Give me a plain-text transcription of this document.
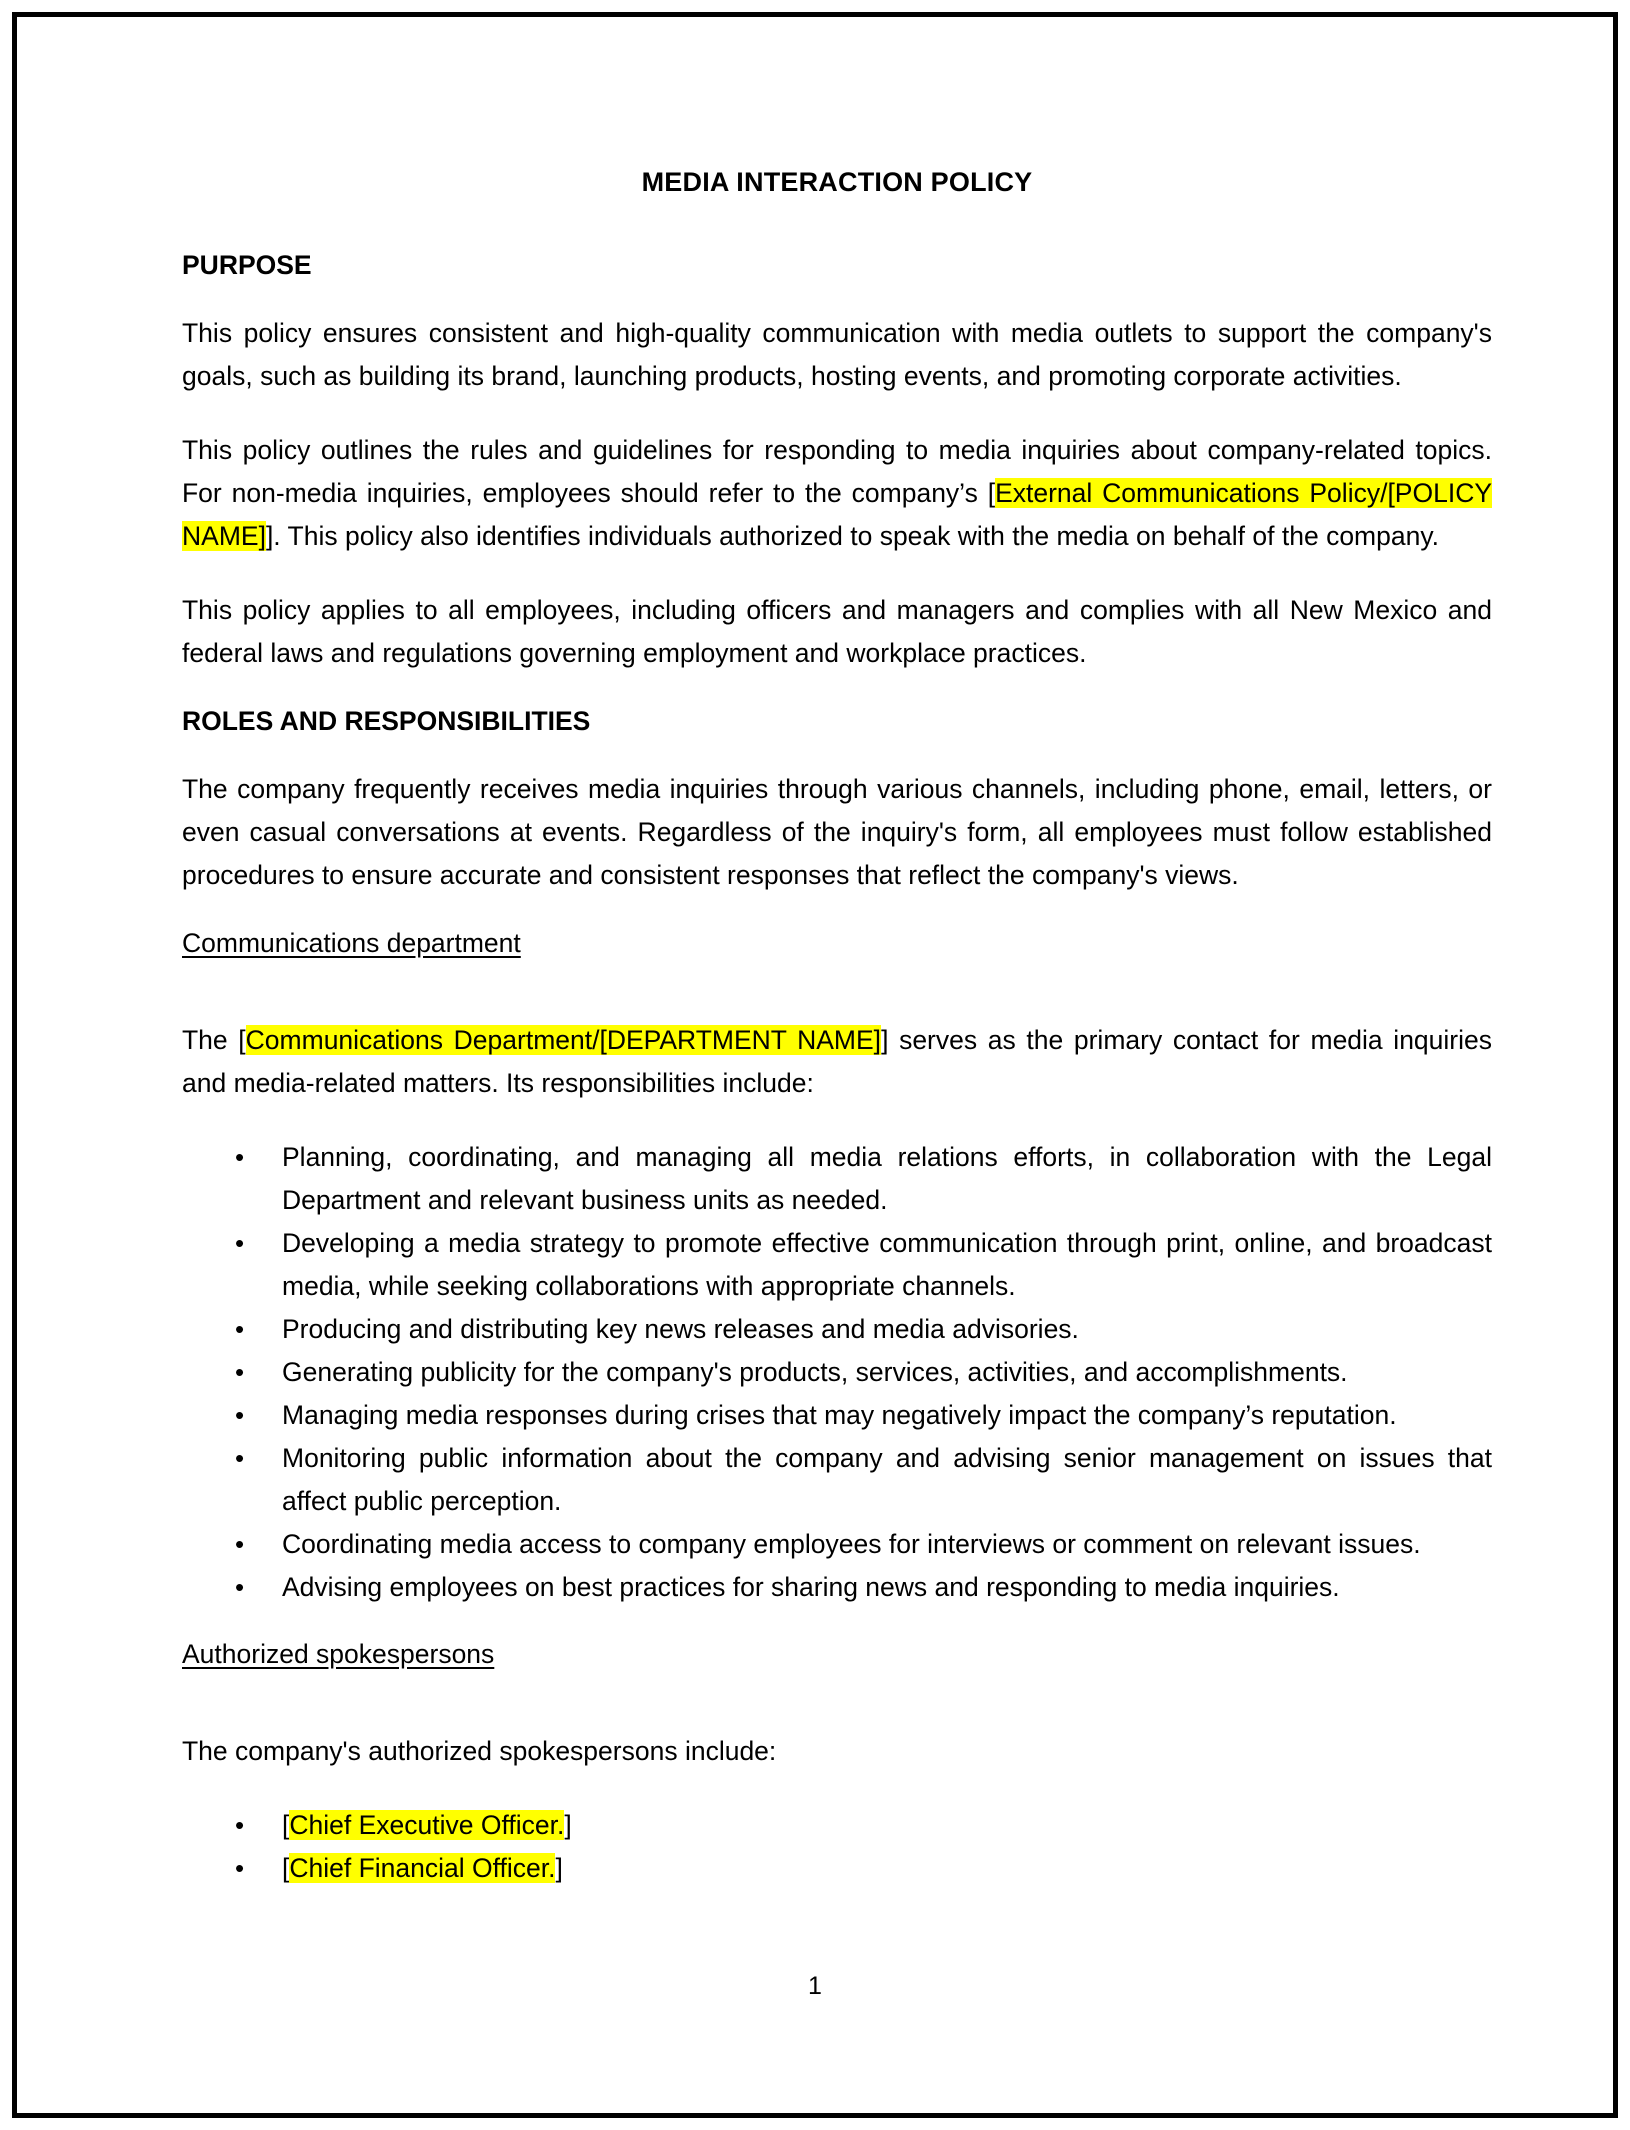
MEDIA INTERACTION POLICY
PURPOSE

This policy ensures consistent and high-quality communication with media outlets to support the company's goals, such as building its brand, launching products, hosting events, and promoting corporate activities.

This policy outlines the rules and guidelines for responding to media inquiries about company-related topics. For non-media inquiries, employees should refer to the company’s [External Communications Policy/[POLICY NAME]]. This policy also identifies individuals authorized to speak with the media on behalf of the company.

This policy applies to all employees, including officers and managers and complies with all New Mexico and federal laws and regulations governing employment and workplace practices.

ROLES AND RESPONSIBILITIES

The company frequently receives media inquiries through various channels, including phone, email, letters, or even casual conversations at events. Regardless of the inquiry's form, all employees must follow established procedures to ensure accurate and consistent responses that reflect the company's views.

Communications department

The [Communications Department/[DEPARTMENT NAME]] serves as the primary contact for media inquiries and media-related matters. Its responsibilities include:

• Planning, coordinating, and managing all media relations efforts, in collaboration with the Legal Department and relevant business units as needed.
• Developing a media strategy to promote effective communication through print, online, and broadcast media, while seeking collaborations with appropriate channels.
• Producing and distributing key news releases and media advisories.
• Generating publicity for the company's products, services, activities, and accomplishments.
• Managing media responses during crises that may negatively impact the company’s reputation.
• Monitoring public information about the company and advising senior management on issues that affect public perception.
• Coordinating media access to company employees for interviews or comment on relevant issues.
• Advising employees on best practices for sharing news and responding to media inquiries.
Authorized spokespersons

The company's authorized spokespersons include:

• [Chief Executive Officer.]
• [Chief Financial Officer.]
1
